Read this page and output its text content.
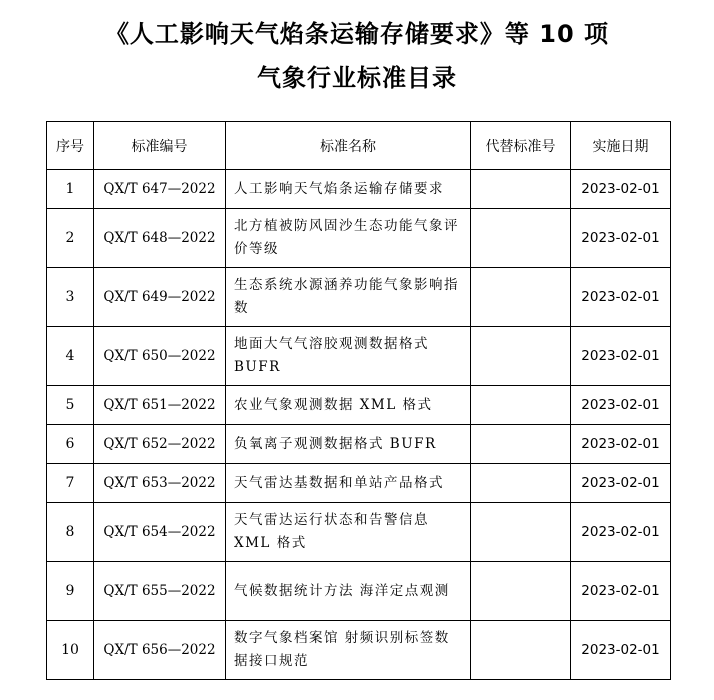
《人工影响天气焰条运输存储要求》等 10 项
气象行业标准目录
序号	标准编号	标准名称	代替标准号	实施日期
1	QX/T 647—2022	人工影响天气焰条运输存储要求		2023-02-01
2	QX/T 648—2022	北方植被防风固沙生态功能气象评价等级		2023-02-01
3	QX/T 649—2022	生态系统水源涵养功能气象影响指数		2023-02-01
4	QX/T 650—2022	地面大气气溶胶观测数据格式 BUFR		2023-02-01
5	QX/T 651—2022	农业气象观测数据 XML 格式		2023-02-01
6	QX/T 652—2022	负氧离子观测数据格式 BUFR		2023-02-01
7	QX/T 653—2022	天气雷达基数据和单站产品格式		2023-02-01
8	QX/T 654—2022	天气雷达运行状态和告警信息 XML 格式		2023-02-01
9	QX/T 655—2022	气候数据统计方法 海洋定点观测		2023-02-01
10	QX/T 656—2022	数字气象档案馆 射频识别标签数据接口规范		2023-02-01
